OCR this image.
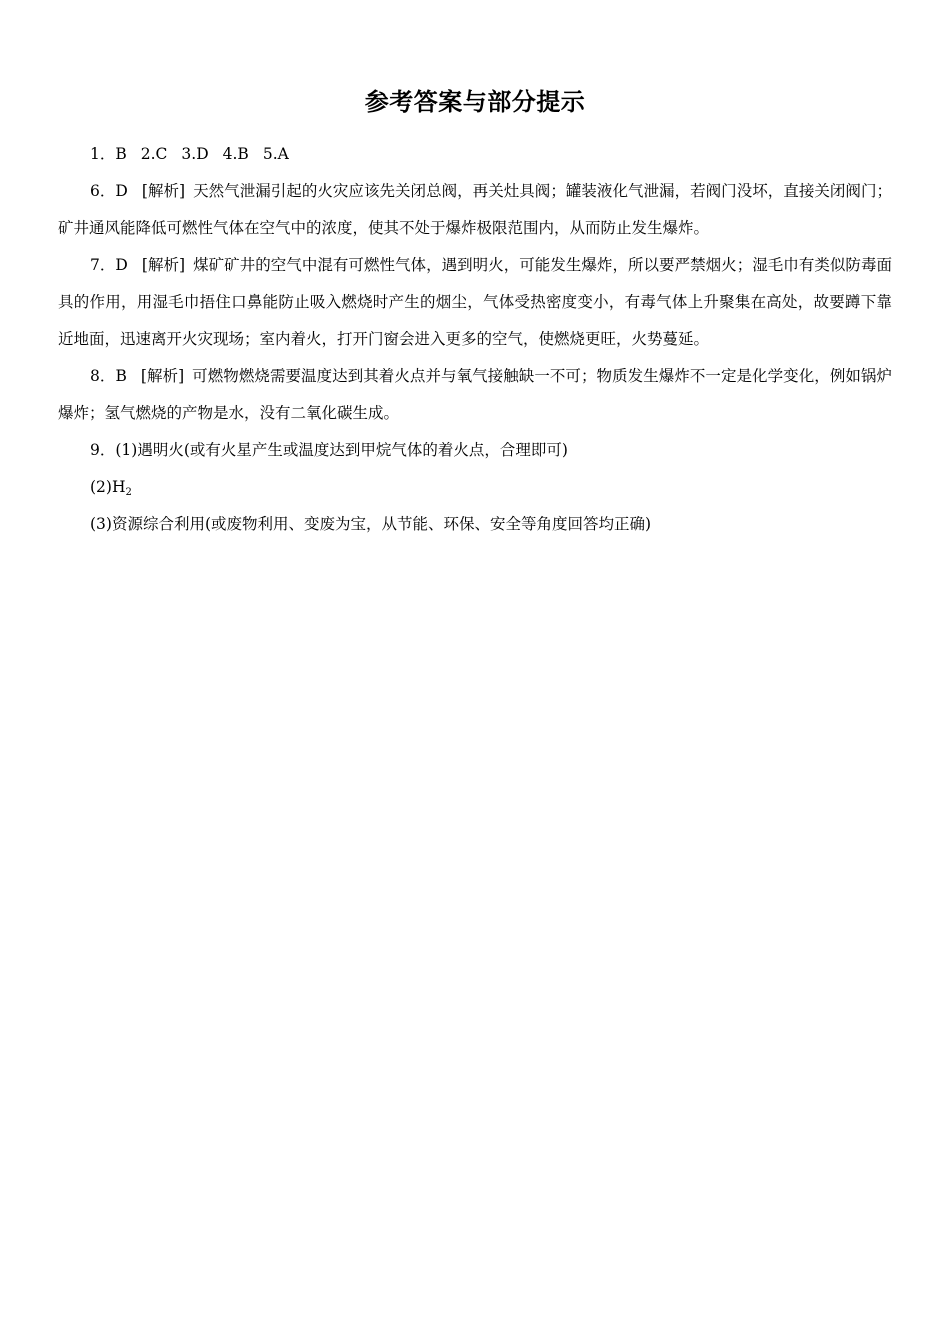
参考答案与部分提示

1．B 2.C 3.D 4.B 5.A

6．D [解析] 天然气泄漏引起的火灾应该先关闭总阀，再关灶具阀；罐装液化气泄漏，若阀门没坏，直接关闭阀门；矿井通风能降低可燃性气体在空气中的浓度，使其不处于爆炸极限范围内，从而防止发生爆炸。

7．D [解析] 煤矿矿井的空气中混有可燃性气体，遇到明火，可能发生爆炸，所以要严禁烟火；湿毛巾有类似防毒面具的作用，用湿毛巾捂住口鼻能防止吸入燃烧时产生的烟尘，气体受热密度变小，有毒气体上升聚集在高处，故要蹲下靠近地面，迅速离开火灾现场；室内着火，打开门窗会进入更多的空气，使燃烧更旺，火势蔓延。

8．B [解析] 可燃物燃烧需要温度达到其着火点并与氧气接触缺一不可；物质发生爆炸不一定是化学变化，例如锅炉爆炸；氢气燃烧的产物是水，没有二氧化碳生成。

9．(1)遇明火(或有火星产生或温度达到甲烷气体的着火点，合理即可)

$(2)H_2$

(3)资源综合利用(或废物利用、变废为宝，从节能、环保、安全等角度回答均正确)
